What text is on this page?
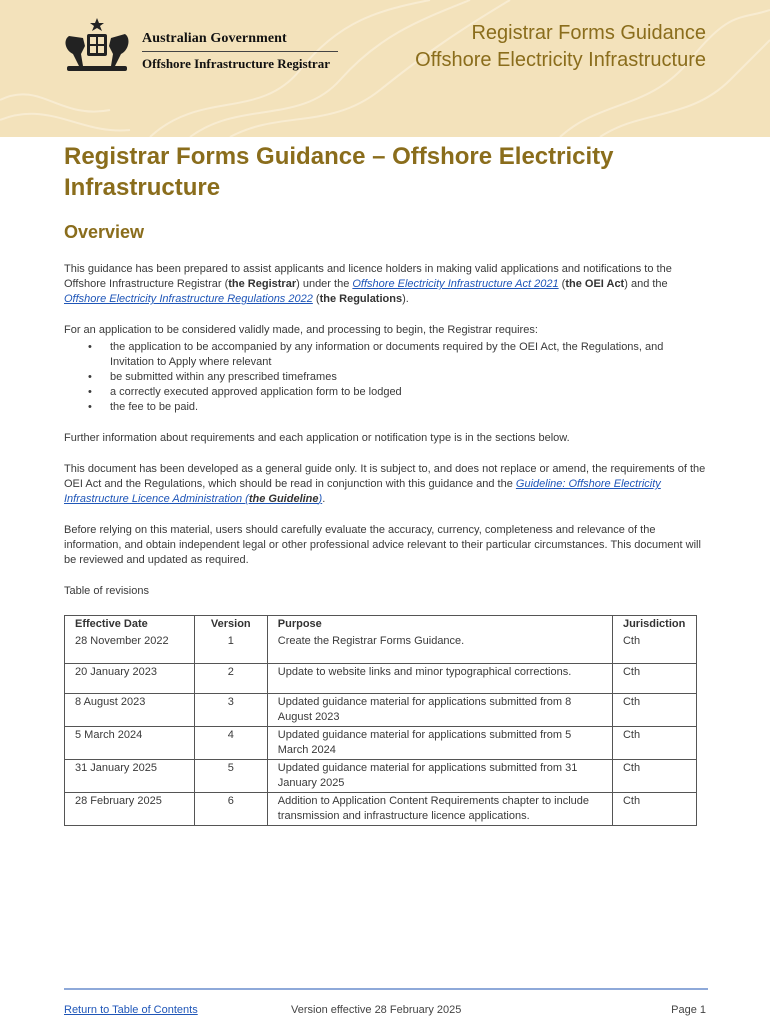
Australian Government
Offshore Infrastructure Registrar
Registrar Forms Guidance
Offshore Electricity Infrastructure
Registrar Forms Guidance – Offshore Electricity Infrastructure
Overview

This guidance has been prepared to assist applicants and licence holders in making valid applications and notifications to the Offshore Infrastructure Registrar (the Registrar) under the Offshore Electricity Infrastructure Act 2021 (the OEI Act) and the Offshore Electricity Infrastructure Regulations 2022 (the Regulations).

For an application to be considered validly made, and processing to begin, the Registrar requires:

• the application to be accompanied by any information or documents required by the OEI Act, the Regulations, and Invitation to Apply where relevant
• be submitted within any prescribed timeframes
• a correctly executed approved application form to be lodged
• the fee to be paid.

Further information about requirements and each application or notification type is in the sections below.

This document has been developed as a general guide only. It is subject to, and does not replace or amend, the requirements of the OEI Act and the Regulations, which should be read in conjunction with this guidance and the Guideline: Offshore Electricity Infrastructure Licence Administration (the Guideline).

Before relying on this material, users should carefully evaluate the accuracy, currency, completeness and relevance of the information, and obtain independent legal or other professional advice relevant to their particular circumstances. This document will be reviewed and updated as required.

Table of revisions

Effective Date	Version	Purpose	Jurisdiction
28 November 2022	1	Create the Registrar Forms Guidance.	Cth
20 January 2023	2	Update to website links and minor typographical corrections.	Cth
8 August 2023	3	Updated guidance material for applications submitted from 8 August 2023	Cth
5 March 2024	4	Updated guidance material for applications submitted from 5 March 2024	Cth
31 January 2025	5	Updated guidance material for applications submitted from 31 January 2025	Cth
28 February 2025	6	Addition to Application Content Requirements chapter to include transmission and infrastructure licence applications.	Cth
Return to Table of Contents	Version effective 28 February 2025	Page 1
